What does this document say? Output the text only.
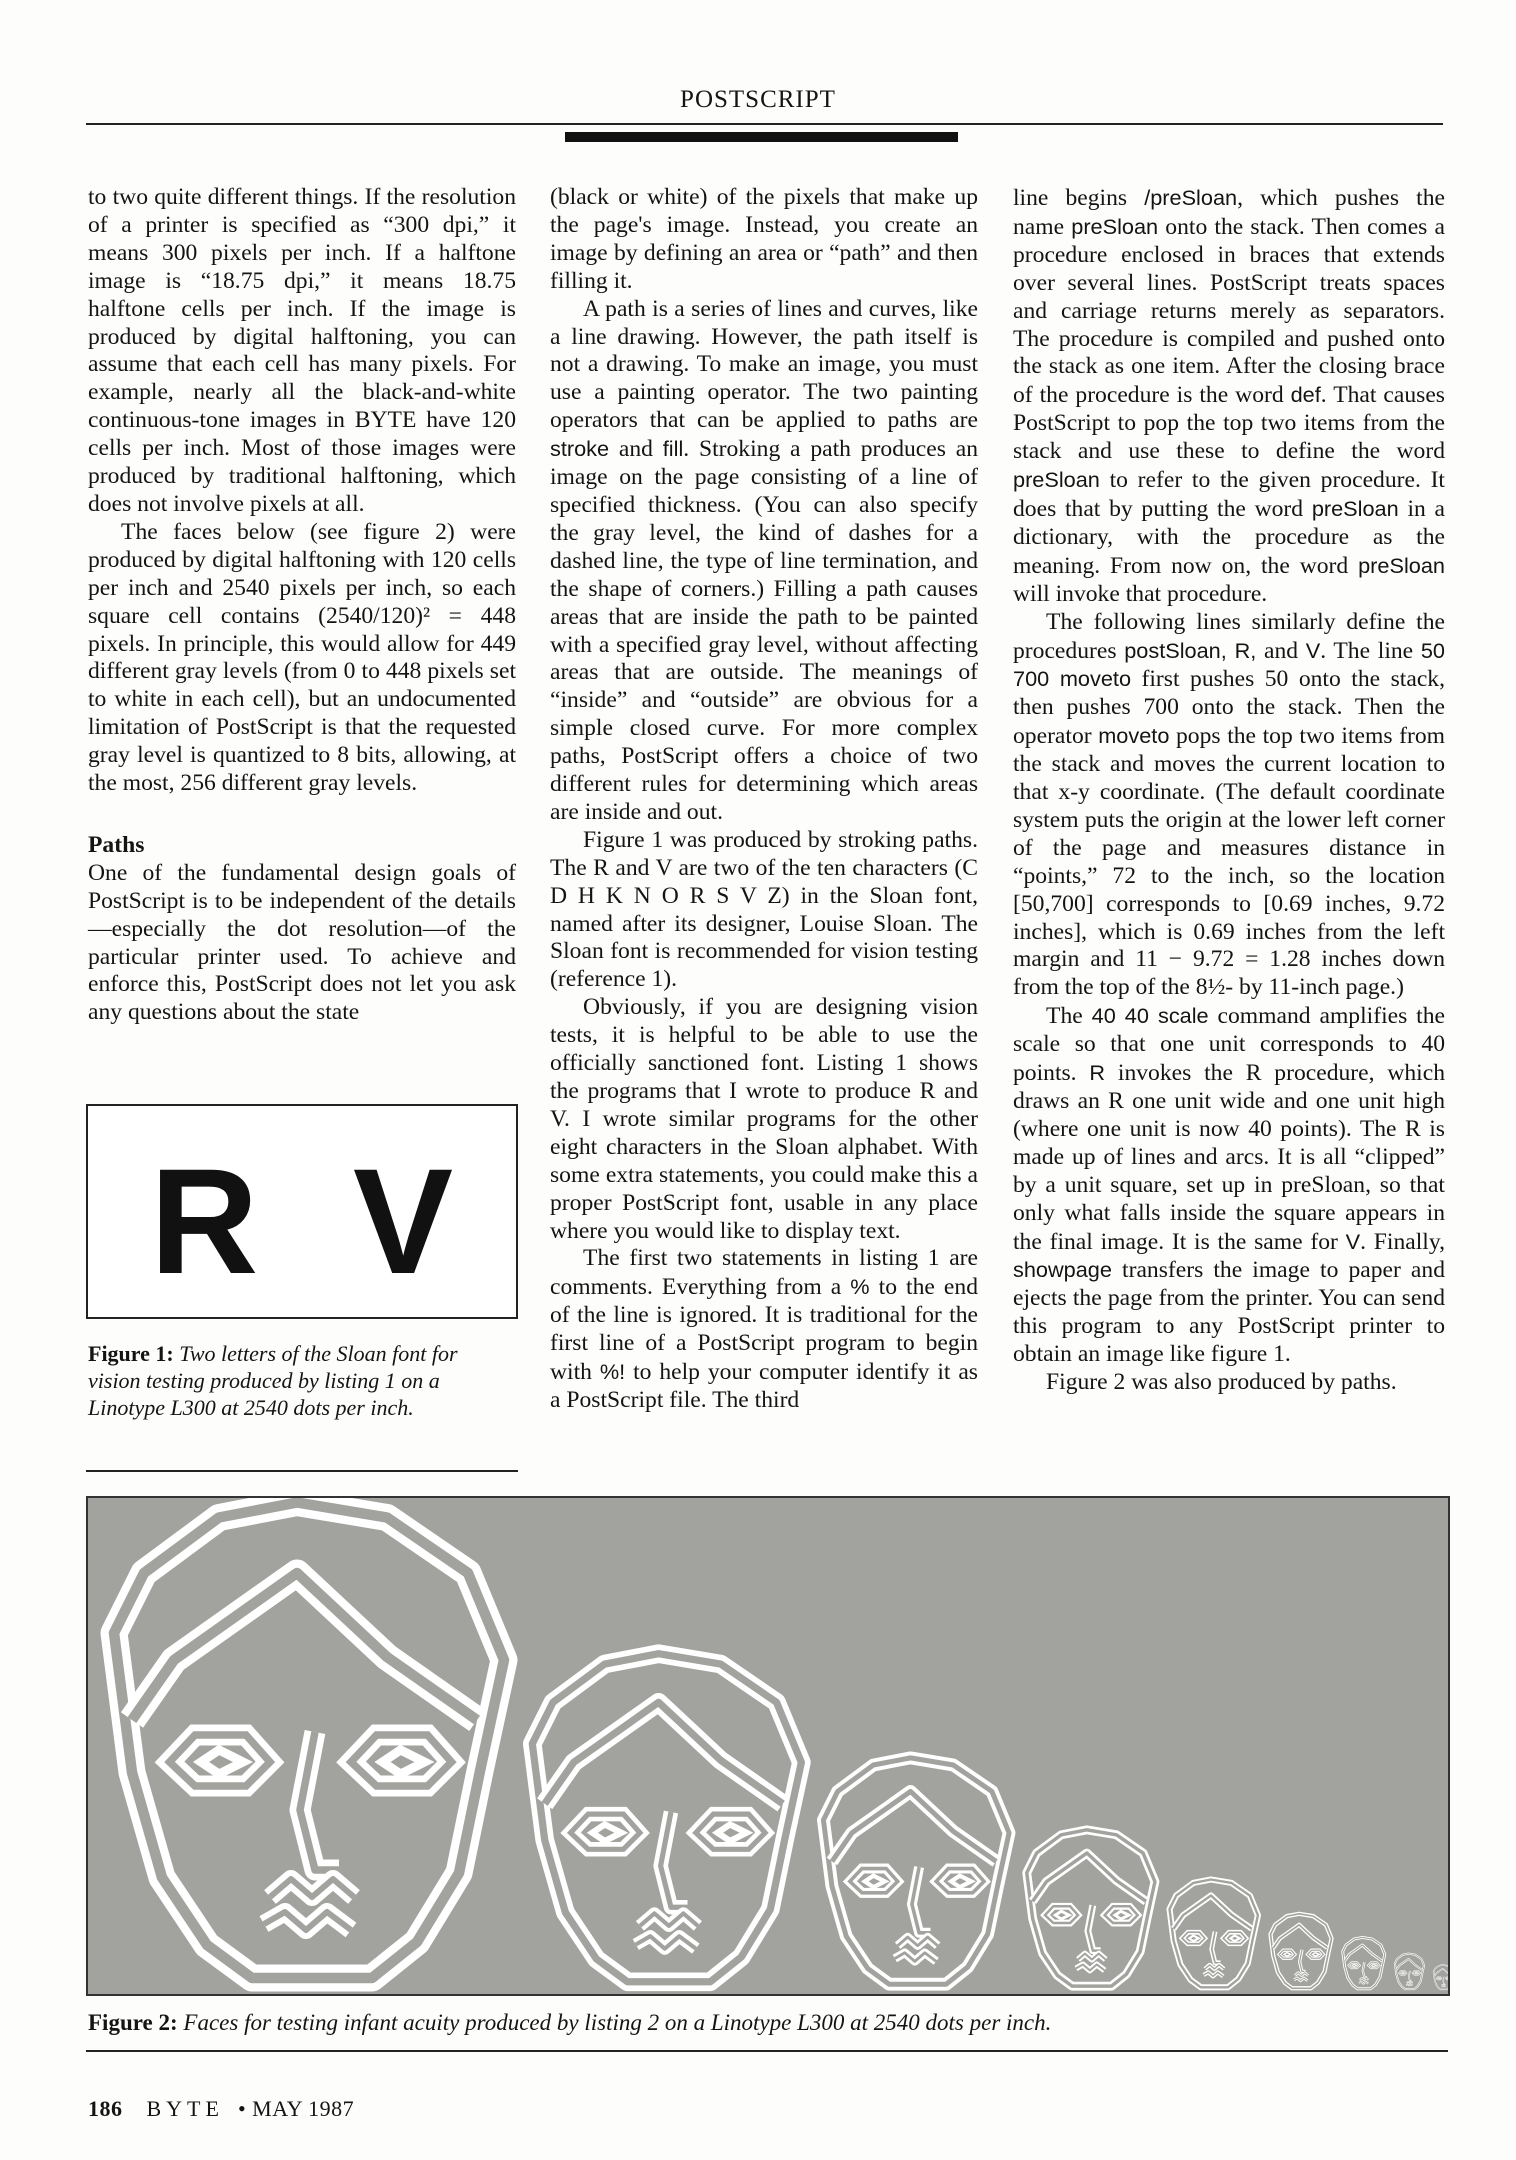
POSTSCRIPT

to two quite different things. If the resolution of a printer is specified as “300 dpi,” it means 300 pixels per inch. If a halftone image is “18.75 dpi,” it means 18.75 halftone cells per inch. If the image is produced by digital halftoning, you can assume that each cell has many pixels. For example, nearly all the black-and-white continuous-tone images in BYTE have 120 cells per inch. Most of those images were produced by traditional halftoning, which does not involve pixels at all.

The faces below (see figure 2) were produced by digital halftoning with 120 cells per inch and 2540 pixels per inch, so each square cell contains (2540/120)² = 448 pixels. In principle, this would allow for 449 different gray levels (from 0 to 448 pixels set to white in each cell), but an undocumented limitation of PostScript is that the requested gray level is quantized to 8 bits, allowing, at the most, 256 different gray levels.

Paths

One of the fundamental design goals of PostScript is to be independent of the details—especially the dot resolution—of the particular printer used. To achieve and enforce this, PostScript does not let you ask any questions about the state

(black or white) of the pixels that make up the page's image. Instead, you create an image by defining an area or “path” and then filling it.

A path is a series of lines and curves, like a line drawing. However, the path itself is not a drawing. To make an image, you must use a painting operator. The two painting operators that can be applied to paths are stroke and fill. Stroking a path produces an image on the page consisting of a line of specified thickness. (You can also specify the gray level, the kind of dashes for a dashed line, the type of line termination, and the shape of corners.) Filling a path causes areas that are inside the path to be painted with a specified gray level, without affecting areas that are outside. The meanings of “inside” and “outside” are obvious for a simple closed curve. For more complex paths, PostScript offers a choice of two different rules for determining which areas are inside and out.

Figure 1 was produced by stroking paths. The R and V are two of the ten characters (C D H K N O R S V Z) in the Sloan font, named after its designer, Louise Sloan. The Sloan font is recommended for vision testing (reference 1).

Obviously, if you are designing vision tests, it is helpful to be able to use the officially sanctioned font. Listing 1 shows the programs that I wrote to produce R and V. I wrote similar programs for the other eight characters in the Sloan alphabet. With some extra statements, you could make this a proper PostScript font, usable in any place where you would like to display text.

The first two statements in listing 1 are comments. Everything from a % to the end of the line is ignored. It is traditional for the first line of a PostScript program to begin with %! to help your computer identify it as a PostScript file. The third

line begins /preSloan, which pushes the name preSloan onto the stack. Then comes a procedure enclosed in braces that extends over several lines. PostScript treats spaces and carriage returns merely as separators. The procedure is compiled and pushed onto the stack as one item. After the closing brace of the procedure is the word def. That causes PostScript to pop the top two items from the stack and use these to define the word preSloan to refer to the given procedure. It does that by putting the word preSloan in a dictionary, with the procedure as the meaning. From now on, the word preSloan will invoke that procedure.

The following lines similarly define the procedures postSloan, R, and V. The line 50 700 moveto first pushes 50 onto the stack, then pushes 700 onto the stack. Then the operator moveto pops the top two items from the stack and moves the current location to that x-y coordinate. (The default coordinate system puts the origin at the lower left corner of the page and measures distance in “points,” 72 to the inch, so the location [50,700] corresponds to [0.69 inches, 9.72 inches], which is 0.69 inches from the left margin and 11 − 9.72 = 1.28 inches down from the top of the 8½- by 11-inch page.)

The 40 40 scale command amplifies the scale so that one unit corresponds to 40 points. R invokes the R procedure, which draws an R one unit wide and one unit high (where one unit is now 40 points). The R is made up of lines and arcs. It is all “clipped” by a unit square, set up in preSloan, so that only what falls inside the square appears in the final image. It is the same for V. Finally, showpage transfers the image to paper and ejects the page from the printer. You can send this program to any PostScript printer to obtain an image like figure 1.

Figure 2 was also produced by paths.

R V
Figure 1: Two letters of the Sloan font for vision testing produced by listing 1 on a Linotype L300 at 2540 dots per inch.
Figure 2: Faces for testing infant acuity produced by listing 2 on a Linotype L300 at 2540 dots per inch.
186 BYTE • MAY 1987
